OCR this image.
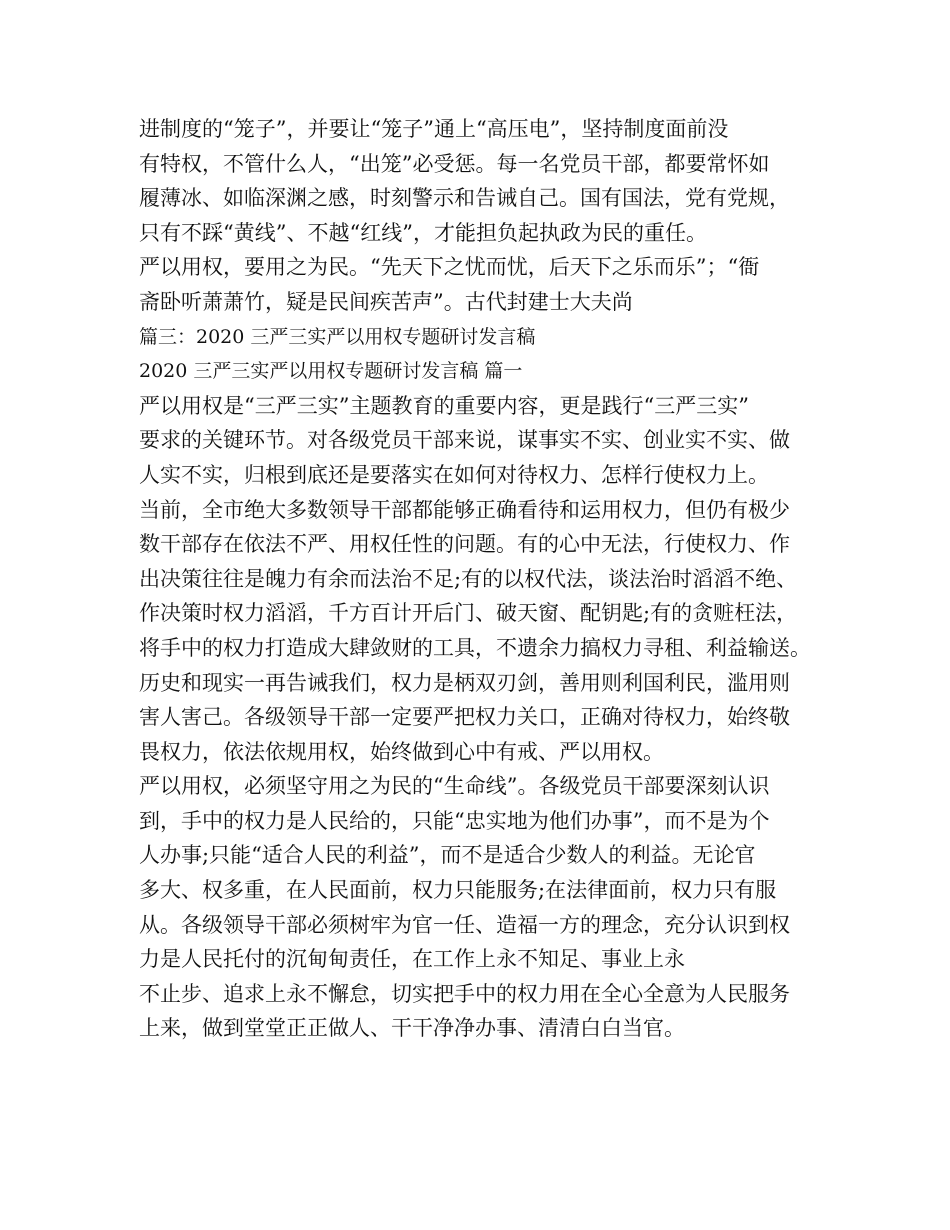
进制度的“笼子”，并要让“笼子”通上“高压电”，坚持制度面前没
有特权，不管什么人，“出笼”必受惩。每一名党员干部，都要常怀如
履薄冰、如临深渊之感，时刻警示和告诫自己。国有国法，党有党规，
只有不踩“黄线”、不越“红线”，才能担负起执政为民的重任。
严以用权，要用之为民。“先天下之忧而忧，后天下之乐而乐”；“衙
斋卧听萧萧竹，疑是民间疾苦声”。古代封建士大夫尚
篇三：2020 三严三实严以用权专题研讨发言稿
2020 三严三实严以用权专题研讨发言稿 篇一
严以用权是“三严三实”主题教育的重要内容，更是践行“三严三实”
要求的关键环节。对各级党员干部来说，谋事实不实、创业实不实、做
人实不实，归根到底还是要落实在如何对待权力、怎样行使权力上。
当前，全市绝大多数领导干部都能够正确看待和运用权力，但仍有极少
数干部存在依法不严、用权任性的问题。有的心中无法，行使权力、作
出决策往往是魄力有余而法治不足;有的以权代法，谈法治时滔滔不绝、
作决策时权力滔滔，千方百计开后门、破天窗、配钥匙;有的贪赃枉法，
将手中的权力打造成大肆敛财的工具，不遗余力搞权力寻租、利益输送。
历史和现实一再告诫我们，权力是柄双刃剑，善用则利国利民，滥用则
害人害己。各级领导干部一定要严把权力关口，正确对待权力，始终敬
畏权力，依法依规用权，始终做到心中有戒、严以用权。
严以用权，必须坚守用之为民的“生命线”。各级党员干部要深刻认识
到，手中的权力是人民给的，只能“忠实地为他们办事”，而不是为个
人办事;只能“适合人民的利益”，而不是适合少数人的利益。无论官
多大、权多重，在人民面前，权力只能服务;在法律面前，权力只有服
从。各级领导干部必须树牢为官一任、造福一方的理念，充分认识到权
力是人民托付的沉甸甸责任，在工作上永不知足、事业上永
不止步、追求上永不懈怠，切实把手中的权力用在全心全意为人民服务
上来，做到堂堂正正做人、干干净净办事、清清白白当官。
